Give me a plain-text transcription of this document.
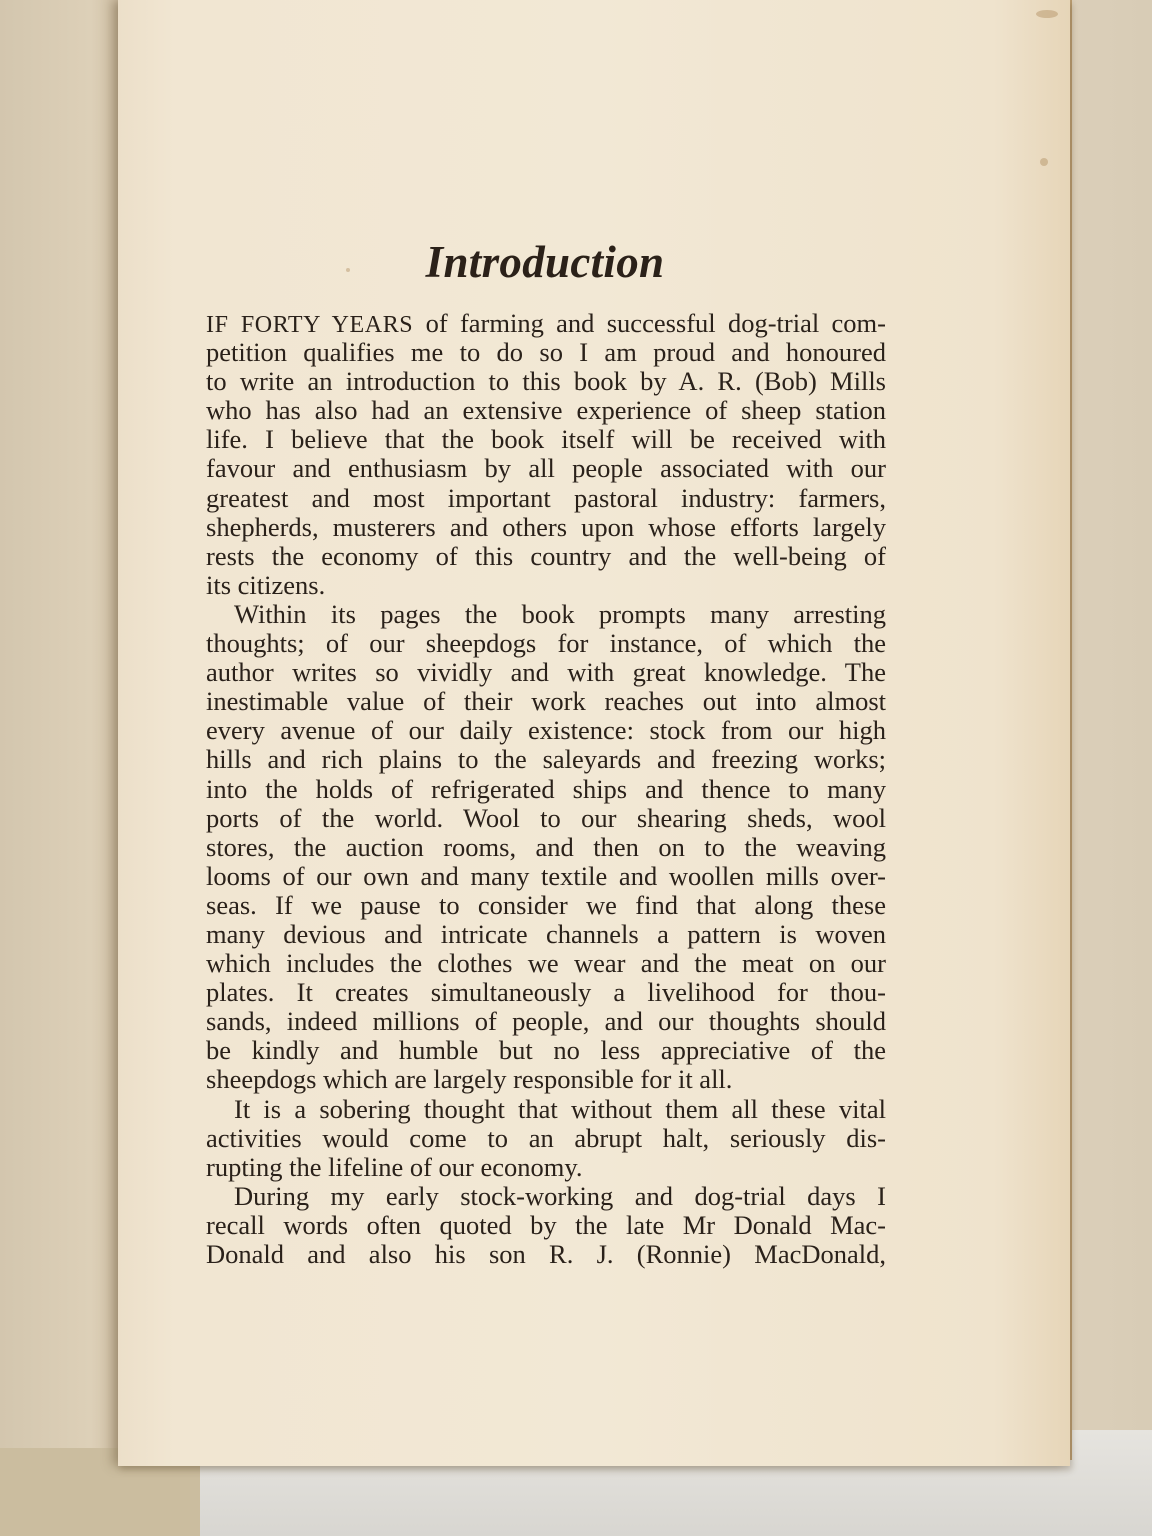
Introduction
IF FORTY YEARS of farming and successful dog-trial com-
petition qualifies me to do so I am proud and honoured
to write an introduction to this book by A. R. (Bob) Mills
who has also had an extensive experience of sheep station
life. I believe that the book itself will be received with
favour and enthusiasm by all people associated with our
greatest and most important pastoral industry: farmers,
shepherds, musterers and others upon whose efforts largely
rests the economy of this country and the well-being of
its citizens.
Within its pages the book prompts many arresting
thoughts; of our sheepdogs for instance, of which the
author writes so vividly and with great knowledge. The
inestimable value of their work reaches out into almost
every avenue of our daily existence: stock from our high
hills and rich plains to the saleyards and freezing works;
into the holds of refrigerated ships and thence to many
ports of the world. Wool to our shearing sheds, wool
stores, the auction rooms, and then on to the weaving
looms of our own and many textile and woollen mills over-
seas. If we pause to consider we find that along these
many devious and intricate channels a pattern is woven
which includes the clothes we wear and the meat on our
plates. It creates simultaneously a livelihood for thou-
sands, indeed millions of people, and our thoughts should
be kindly and humble but no less appreciative of the
sheepdogs which are largely responsible for it all.
It is a sobering thought that without them all these vital
activities would come to an abrupt halt, seriously dis-
rupting the lifeline of our economy.
During my early stock-working and dog-trial days I
recall words often quoted by the late Mr Donald Mac-
Donald and also his son R. J. (Ronnie) MacDonald,
